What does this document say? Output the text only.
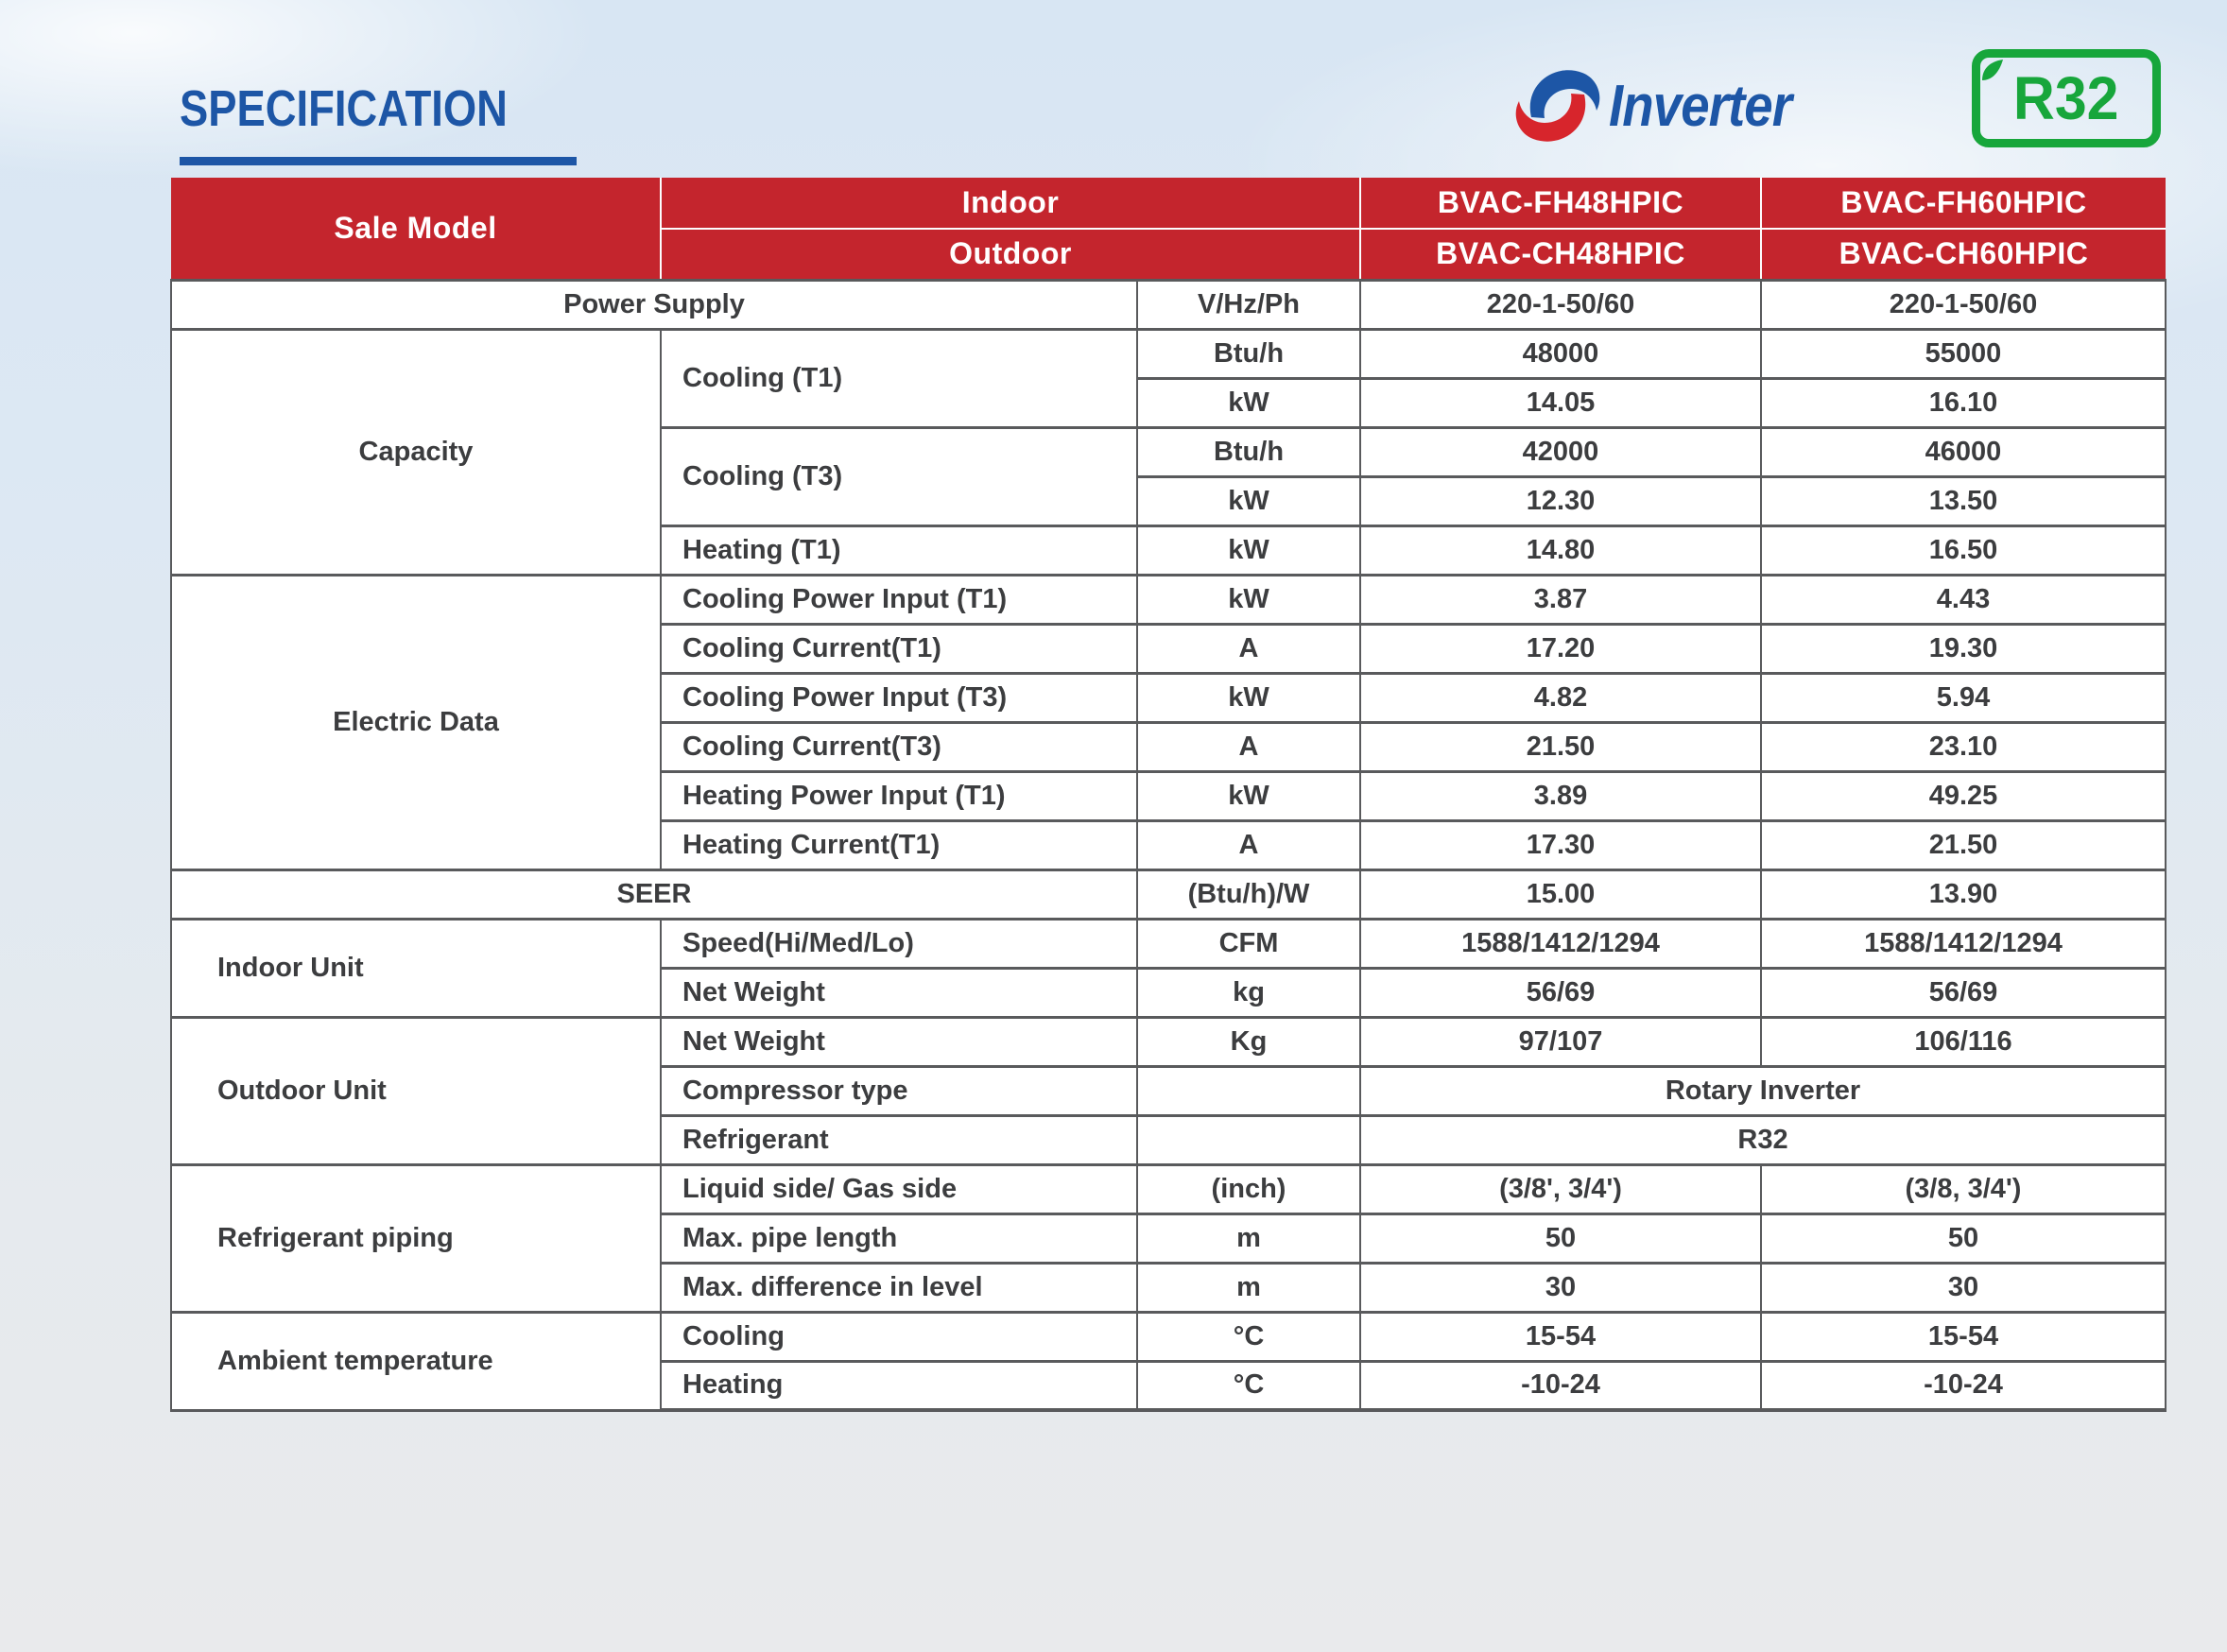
SPECIFICATION	Inverter	R32
Sale Model	Indoor		BVAC-FH48HPIC	BVAC-FH60HPIC
	Outdoor		BVAC-CH48HPIC	BVAC-CH60HPIC
Power Supply		V/Hz/Ph	220-1-50/60	220-1-50/60
Capacity	Cooling (T1)	Btu/h	48000	55000
		kW	14.05	16.10
	Cooling (T3)	Btu/h	42000	46000
		kW	12.30	13.50
	Heating (T1)	kW	14.80	16.50
Electric Data	Cooling Power Input (T1)	kW	3.87	4.43
	Cooling Current(T1)	A	17.20	19.30
	Cooling Power Input (T3)	kW	4.82	5.94
	Cooling Current(T3)	A	21.50	23.10
	Heating Power Input (T1)	kW	3.89	49.25
	Heating Current(T1)	A	17.30	21.50
SEER		(Btu/h)/W	15.00	13.90
Indoor Unit	Speed(Hi/Med/Lo)	CFM	1588/1412/1294	1588/1412/1294
	Net Weight	kg	56/69	56/69
Outdoor Unit	Net Weight	Kg	97/107	106/116
	Compressor type		Rotary Inverter	
	Refrigerant		R32	
Refrigerant piping	Liquid side/ Gas side	(inch)	(3/8', 3/4')	(3/8, 3/4')
	Max. pipe length	m	50	50
	Max. difference in level	m	30	30
Ambient temperature	Cooling	°C	15-54	15-54
	Heating	°C	-10-24	-10-24
